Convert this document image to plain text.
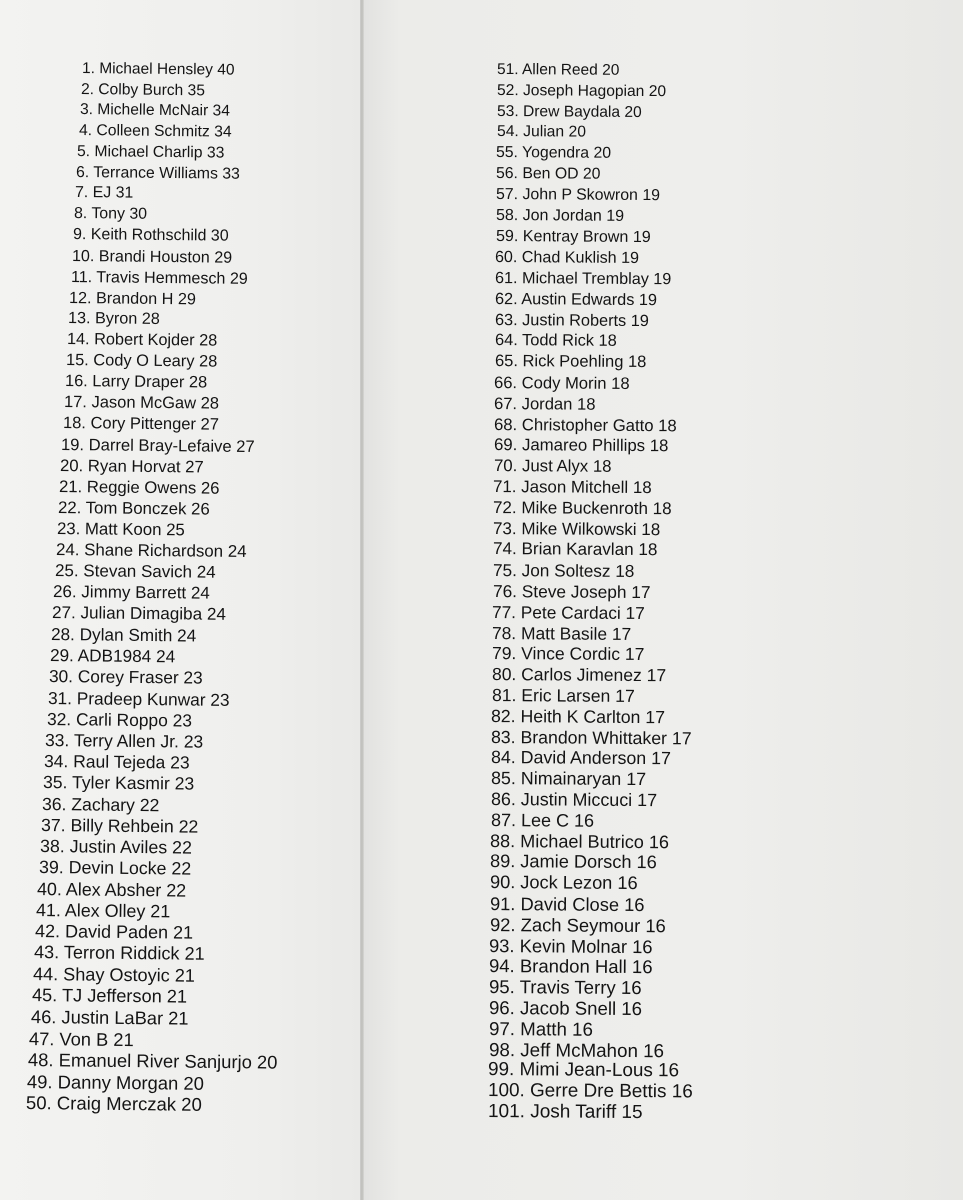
1. Michael Hensley 40
2. Colby Burch 35
3. Michelle McNair 34
4. Colleen Schmitz 34
5. Michael Charlip 33
6. Terrance Williams 33
7. EJ 31
8. Tony 30
9. Keith Rothschild 30
10. Brandi Houston 29
11. Travis Hemmesch 29
12. Brandon H 29
13. Byron 28
14. Robert Kojder 28
15. Cody O Leary 28
16. Larry Draper 28
17. Jason McGaw 28
18. Cory Pittenger 27
19. Darrel Bray-Lefaive 27
20. Ryan Horvat 27
21. Reggie Owens 26
22. Tom Bonczek 26
23. Matt Koon 25
24. Shane Richardson 24
25. Stevan Savich 24
26. Jimmy Barrett 24
27. Julian Dimagiba 24
28. Dylan Smith 24
29. ADB1984 24
30. Corey Fraser 23
31. Pradeep Kunwar 23
32. Carli Roppo 23
33. Terry Allen Jr. 23
34. Raul Tejeda 23
35. Tyler Kasmir 23
36. Zachary 22
37. Billy Rehbein 22
38. Justin Aviles 22
39. Devin Locke 22
40. Alex Absher 22
41. Alex Olley 21
42. David Paden 21
43. Terron Riddick 21
44. Shay Ostoyic 21
45. TJ Jefferson 21
46. Justin LaBar 21
47. Von B 21
48. Emanuel River Sanjurjo 20
49. Danny Morgan 20
50. Craig Merczak 20
51. Allen Reed 20
52. Joseph Hagopian 20
53. Drew Baydala 20
54. Julian 20
55. Yogendra 20
56. Ben OD 20
57. John P Skowron 19
58. Jon Jordan 19
59. Kentray Brown 19
60. Chad Kuklish 19
61. Michael Tremblay 19
62. Austin Edwards 19
63. Justin Roberts 19
64. Todd Rick 18
65. Rick Poehling 18
66. Cody Morin 18
67. Jordan 18
68. Christopher Gatto 18
69. Jamareo Phillips 18
70. Just Alyx 18
71. Jason Mitchell 18
72. Mike Buckenroth 18
73. Mike Wilkowski 18
74. Brian Karavlan 18
75. Jon Soltesz 18
76. Steve Joseph 17
77. Pete Cardaci 17
78. Matt Basile 17
79. Vince Cordic 17
80. Carlos Jimenez 17
81. Eric Larsen 17
82. Heith K Carlton 17
83. Brandon Whittaker 17
84. David Anderson 17
85. Nimainaryan 17
86. Justin Miccuci 17
87. Lee C 16
88. Michael Butrico 16
89. Jamie Dorsch 16
90. Jock Lezon 16
91. David Close 16
92. Zach Seymour 16
93. Kevin Molnar 16
94. Brandon Hall 16
95. Travis Terry 16
96. Jacob Snell 16
97. Matth 16
98. Jeff McMahon 16
99. Mimi Jean-Lous 16
100. Gerre Dre Bettis 16
101. Josh Tariff 15
